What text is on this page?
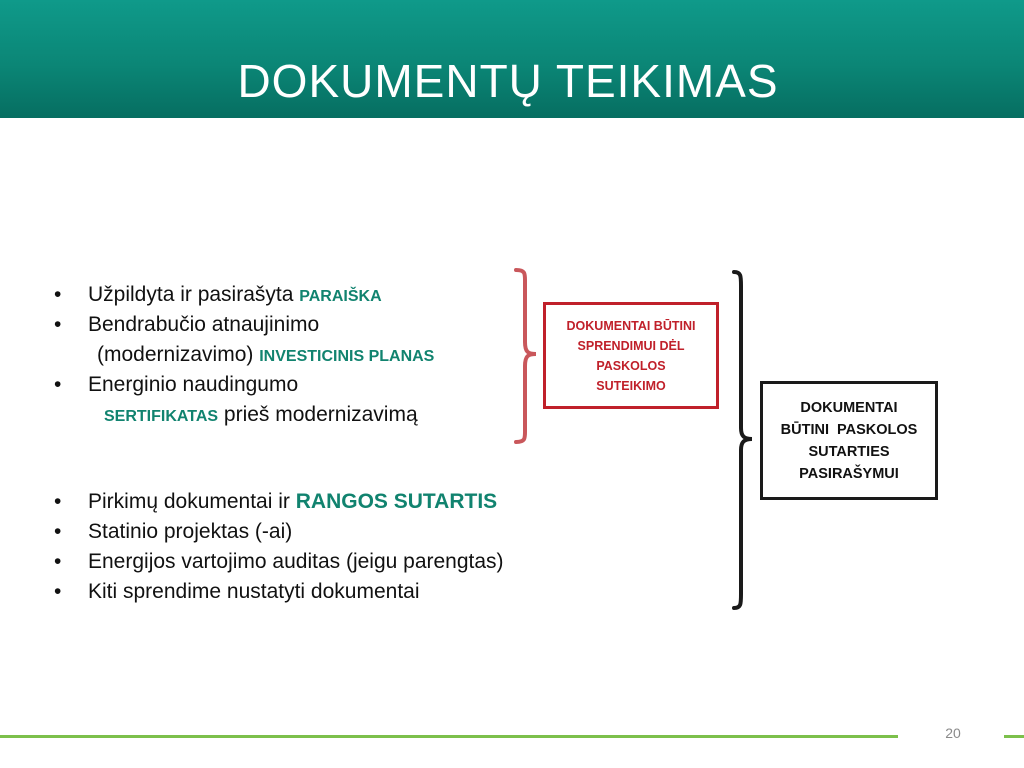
DOKUMENTŲ TEIKIMAS
•	Užpildyta ir pasirašyta PARAIŠKA
•	Bendrabučio atnaujinimo
(modernizavimo) INVESTICINIS PLANAS
•	Energinio naudingumo
SERTIFIKATAS prieš modernizavimą
•	Pirkimų dokumentai ir RANGOS SUTARTIS
•	Statinio projektas (-ai)
•	Energijos vartojimo auditas (jeigu parengtas)
•	Kiti sprendime nustatyti dokumentai
DOKUMENTAI BŪTINI
SPRENDIMUI DĖL
PASKOLOS
SUTEIKIMO
DOKUMENTAI
BŪTINI  PASKOLOS
SUTARTIES
PASIRAŠYMUI
20
